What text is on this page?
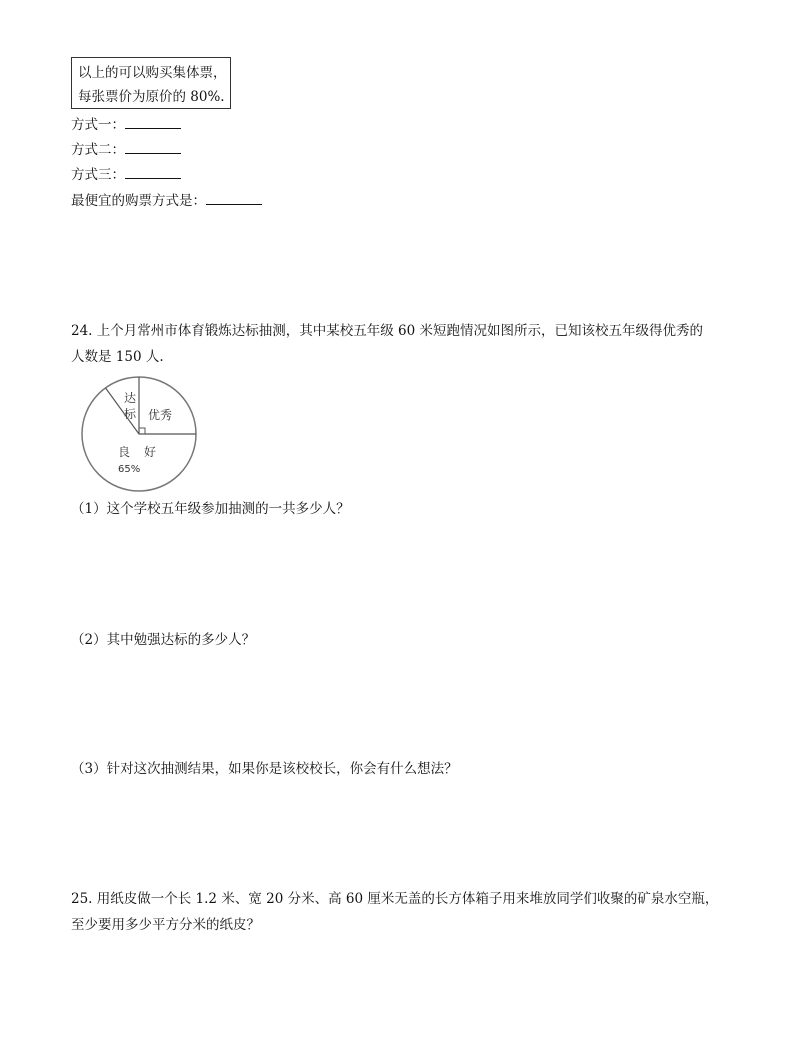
以上的可以购买集体票，
每张票价为原价的 80%.
方式一：
方式二：
方式三：
最便宜的购票方式是：
24. 上个月常州市体育锻炼达标抽测，其中某校五年级 60 米短跑情况如图所示，已知该校五年级得优秀的
人数是 150 人.
达
标 优秀
良 好
65%
（1）这个学校五年级参加抽测的一共多少人？
（2）其中勉强达标的多少人？
（3）针对这次抽测结果，如果你是该校校长，你会有什么想法？
25. 用纸皮做一个长 1.2 米、宽 20 分米、高 60 厘米无盖的长方体箱子用来堆放同学们收聚的矿泉水空瓶，
至少要用多少平方分米的纸皮？
